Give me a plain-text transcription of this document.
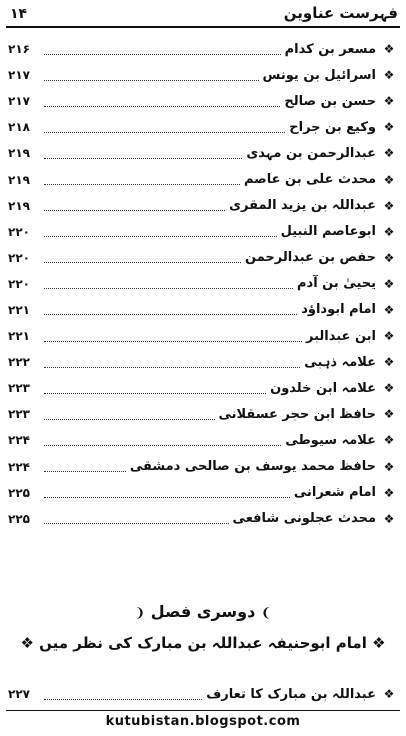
۱۴	فہرست عناوین
❖
مسعر بن کدام
۲۱۶
❖
اسرائیل بن یونس
۲۱۷
❖
حسن بن صالح
۲۱۷
❖
وکیع بن جراح
۲۱۸
❖
عبدالرحمن بن مہدی
۲۱۹
❖
محدث علی بن عاصم
۲۱۹
❖
عبداللہ بن یزید المقری
۲۱۹
❖
ابوعاصم النبیل
۲۲۰
❖
حفص بن عبدالرحمن
۲۲۰
❖
یحییٰ بن آدم
۲۲۰
❖
امام ابوداؤد
۲۲۱
❖
ابن عبدالبر
۲۲۱
❖
علامہ ذہبی
۲۲۲
❖
علامہ ابن خلدون
۲۲۳
❖
حافظ ابن حجر عسقلانی
۲۲۳
❖
علامہ سیوطی
۲۲۴
❖
حافظ محمد یوسف بن صالحی دمشقی
۲۲۴
❖
امام شعرانی
۲۲۵
❖
محدث عجلونی شافعی
۲۲۵
❩ دوسری فصل ❨
❖ امام ابوحنیفہ عبداللہ بن مبارک کی نظر میں ❖
❖
عبداللہ بن مبارک کا تعارف
۲۲۷
kutubistan.blogspot.com
